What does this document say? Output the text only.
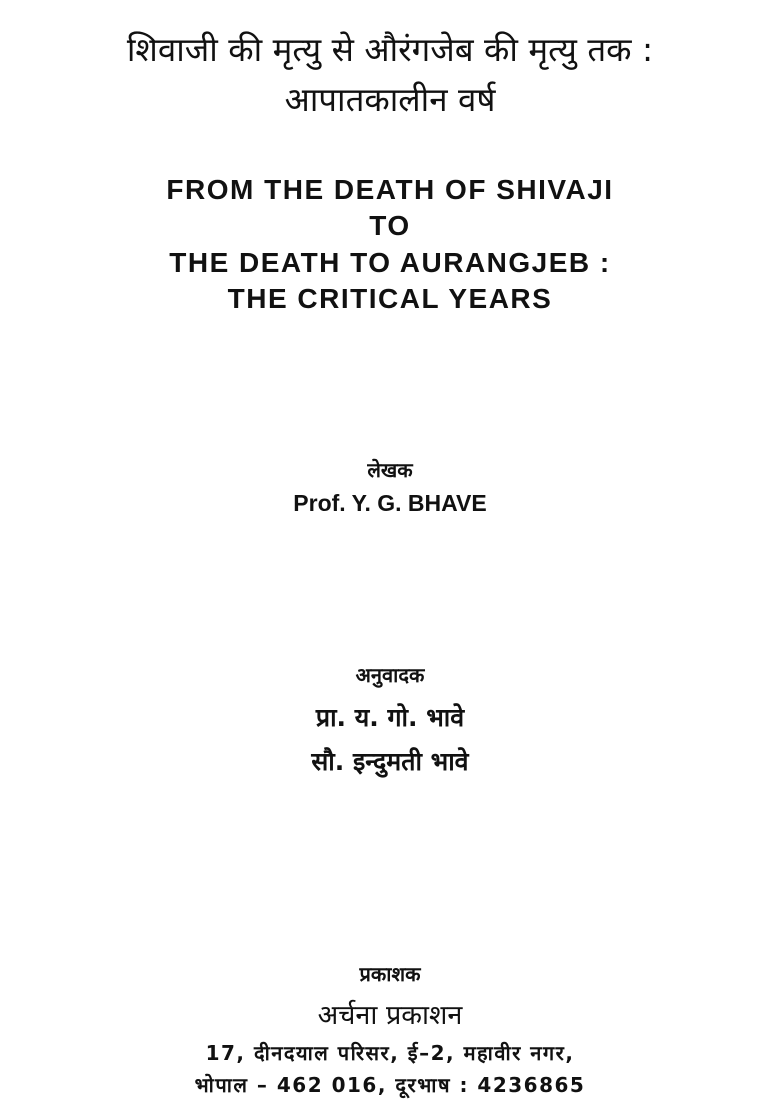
शिवाजी की मृत्यु से औरंगजेब की मृत्यु तक :
आपातकालीन वर्ष
FROM THE DEATH OF SHIVAJI
TO
THE DEATH TO AURANGJEB :
THE CRITICAL YEARS
लेखक
Prof. Y. G. BHAVE
अनुवादक
प्रा. य. गो. भावे
सौ. इन्दुमती भावे
प्रकाशक
अर्चना प्रकाशन
17, दीनदयाल परिसर, ई–2, महावीर नगर,
भोपाल – 462 016, दूरभाष : 4236865
